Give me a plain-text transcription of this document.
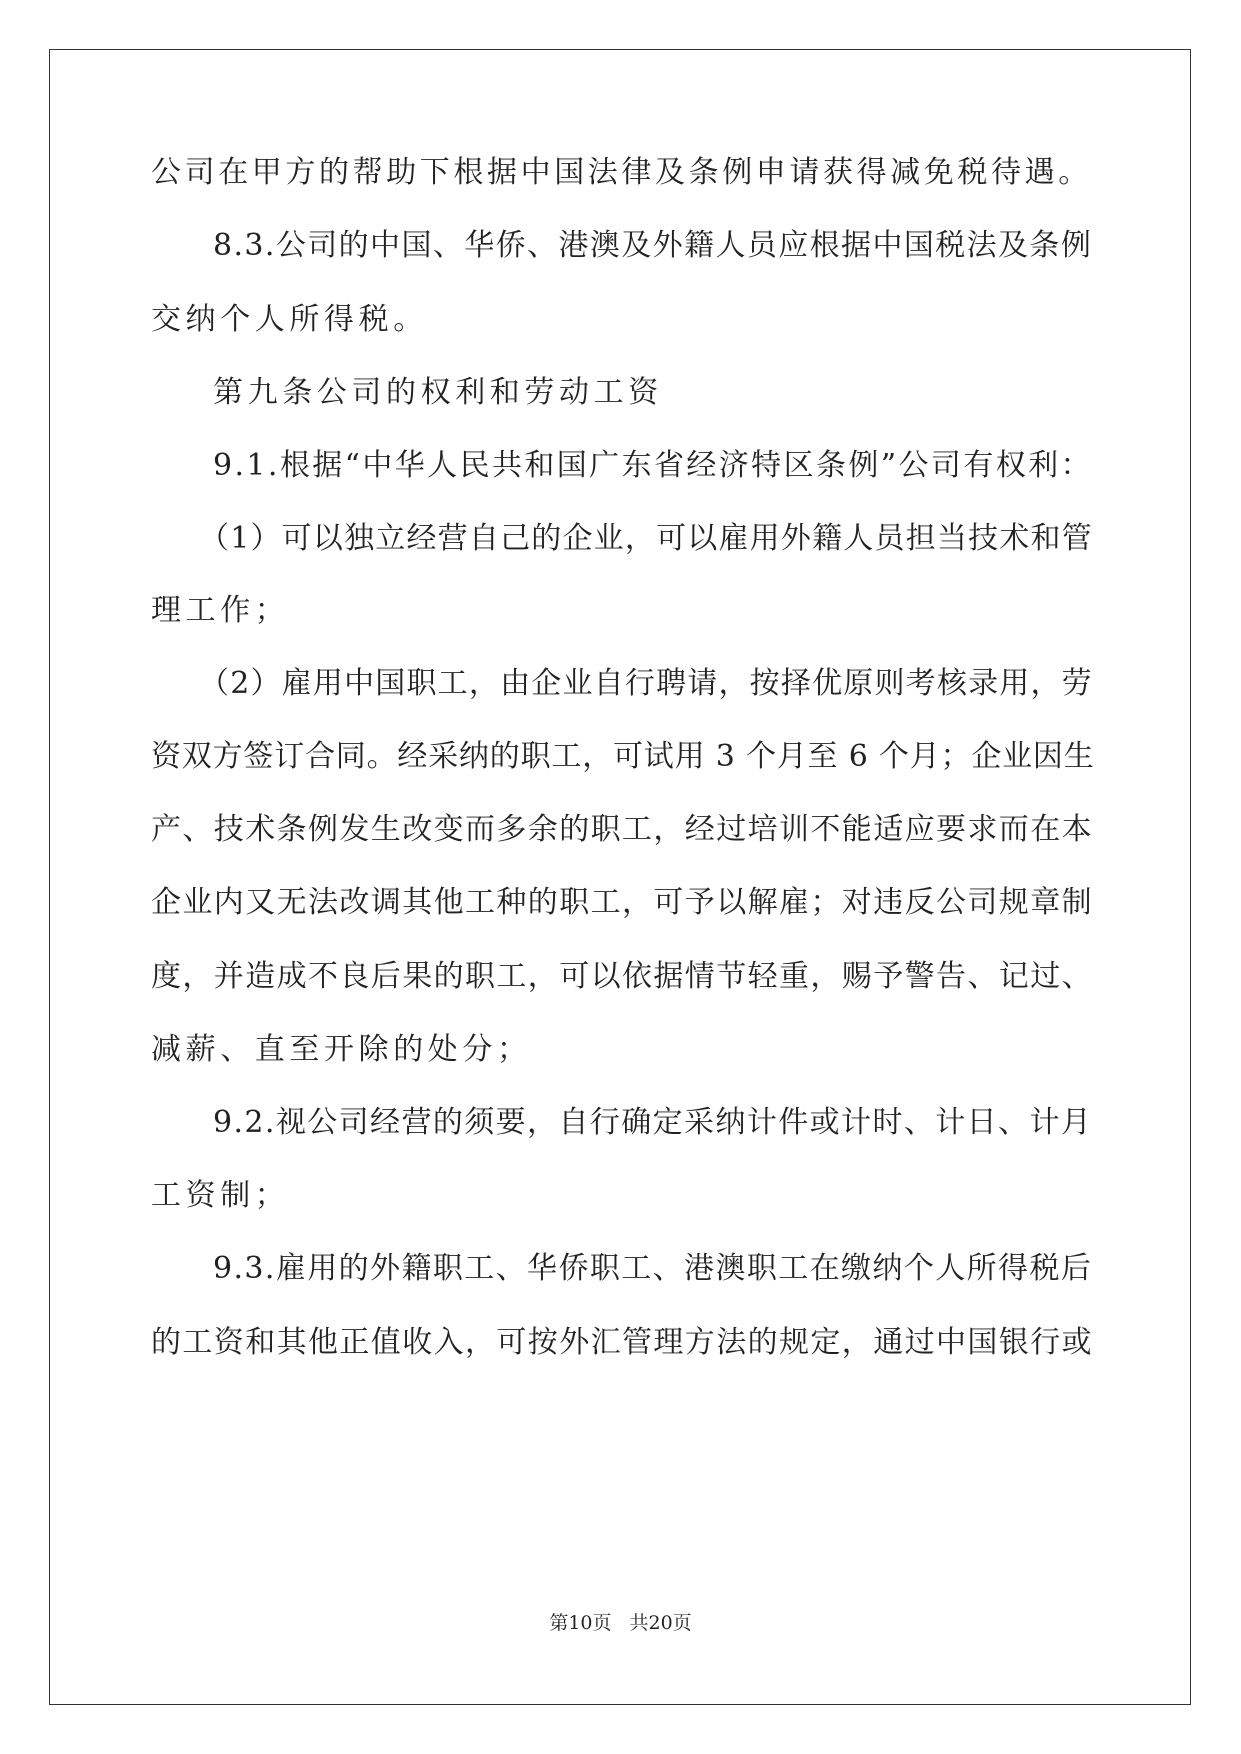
公司在甲方的帮助下根据中国法律及条例申请获得减免税待遇。
8.3.公司的中国、华侨、港澳及外籍人员应根据中国税法及条例
交纳个人所得税。
第九条公司的权利和劳动工资
9.1.根据“中华人民共和国广东省经济特区条例”公司有权利：
（1）可以独立经营自己的企业，可以雇用外籍人员担当技术和管
理工作；
（2）雇用中国职工，由企业自行聘请，按择优原则考核录用，劳
资双方签订合同。经采纳的职工，可试用 3 个月至 6 个月；企业因生
产、技术条例发生改变而多余的职工，经过培训不能适应要求而在本
企业内又无法改调其他工种的职工，可予以解雇；对违反公司规章制
度，并造成不良后果的职工，可以依据情节轻重，赐予警告、记过、
减薪、直至开除的处分；
9.2.视公司经营的须要，自行确定采纳计件或计时、计日、计月
工资制；
9.3.雇用的外籍职工、华侨职工、港澳职工在缴纳个人所得税后
的工资和其他正值收入，可按外汇管理方法的规定，通过中国银行或
第10页 共20页
